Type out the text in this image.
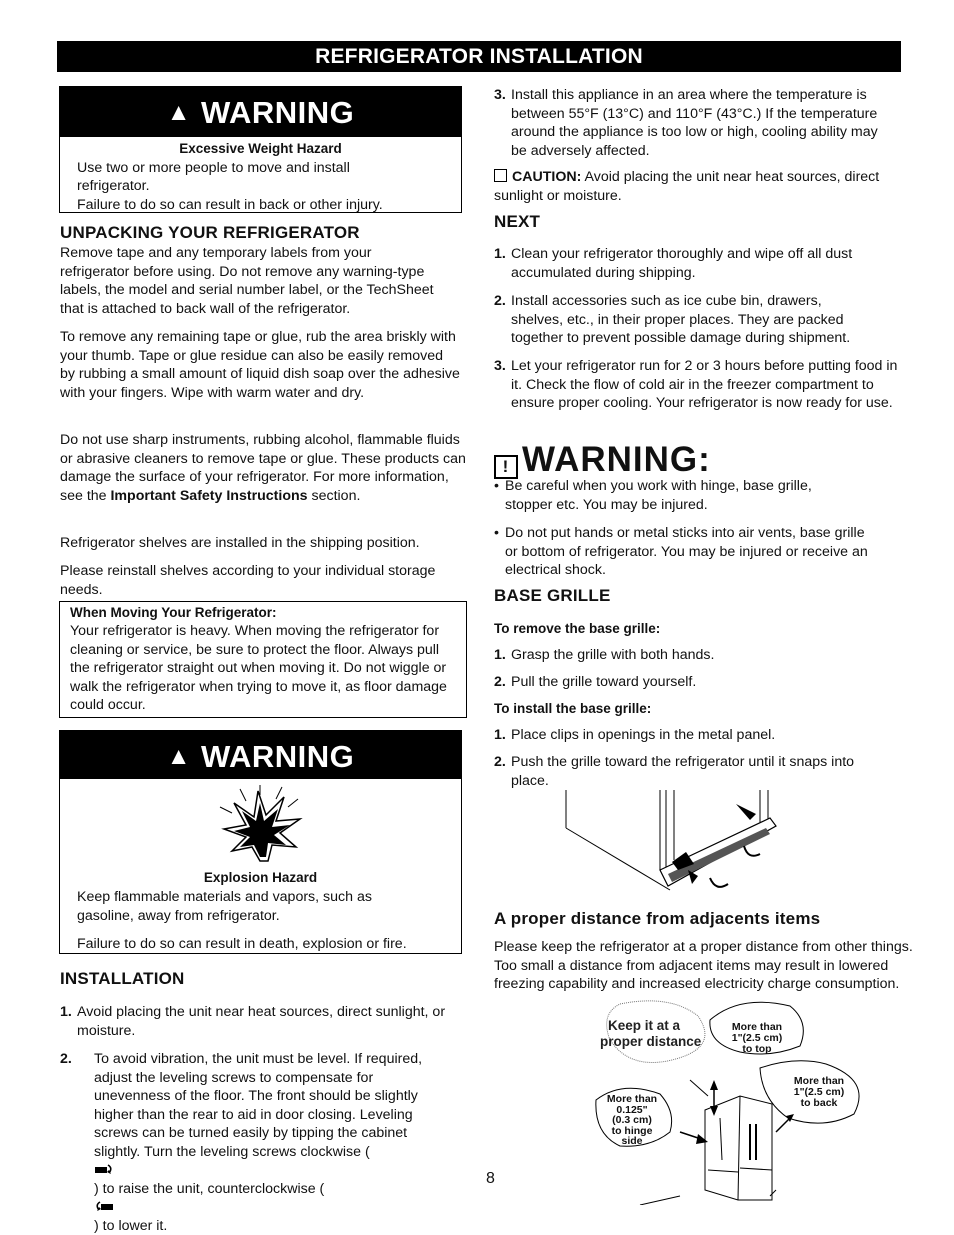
REFRIGERATOR INSTALLATION
▲ WARNING
Excessive Weight Hazard

Use two or more people to move and install refrigerator.

Failure to do so can result in back or other injury.

UNPACKING YOUR REFRIGERATOR

Remove tape and any temporary labels from your refrigerator before using. Do not remove any warning-type labels, the model and serial number label, or the TechSheet that is attached to back wall of the refrigerator.

To remove any remaining tape or glue, rub the area briskly with your thumb. Tape or glue residue can also be easily removed by rubbing a small amount of liquid dish soap over the adhesive with your fingers. Wipe with warm water and dry.

Do not use sharp instruments, rubbing alcohol, flammable fluids or abrasive cleaners to remove tape or glue. These products can damage the surface of your refrigerator. For more information, see the Important Safety Instructions section.

Refrigerator shelves are installed in the shipping position.

Please reinstall shelves according to your individual storage needs.

When Moving Your Refrigerator:

Your refrigerator is heavy. When moving the refrigerator for cleaning or service, be sure to protect the floor. Always pull the refrigerator straight out when moving it. Do not wiggle or walk the refrigerator when trying to move it, as floor damage could occur.

▲ WARNING
Explosion Hazard

Keep flammable materials and vapors, such as gasoline, away from refrigerator.

Failure to do so can result in death, explosion or fire.

INSTALLATION
1. Avoid placing the unit near heat sources, direct sunlight, or moisture.
2.	To avoid vibration, the unit must be level. If required, adjust the leveling screws to compensate for unevenness of the floor. The front should be slightly higher than the rear to aid in door closing. Leveling screws can be turned easily by tipping the cabinet slightly. Turn the leveling screws clockwise (
) to raise the unit, counterclockwise (
) to lower it.
8
3. Install this appliance in an area where the temperature is between 55°F (13°C) and 110°F (43°C.) If the temperature around the appliance is too low or high, cooling ability may be adversely affected.

CAUTION: Avoid placing the unit near heat sources, direct sunlight or moisture.

NEXT
1. Clean your refrigerator thoroughly and wipe off all dust accumulated during shipping.
2. Install accessories such as ice cube bin, drawers, shelves, etc., in their proper places. They are packed together to prevent possible damage during shipment.
3. Let your refrigerator run for 2 or 3 hours before putting food in it. Check the flow of cold air in the freezer compartment to ensure proper cooling. Your refrigerator is now ready for use.
! WARNING:
• Be careful when you work with hinge, base grille, stopper etc. You may be injured.
• Do not put hands or metal sticks into air vents, base grille or bottom of refrigerator. You may be injured or receive an electrical shock.
BASE GRILLE
To remove the base grille:
1. Grasp the grille with both hands.
2. Pull the grille toward yourself.
To install the base grille:
1. Place clips in openings in the metal panel.
2. Push the grille toward the refrigerator until it snaps into place.
A proper distance from adjacents items

Please keep the refrigerator at a proper distance from other things. Too small a distance from adjacent items may result in lowered freezing capability and increased electricity charge consumption.

Keep it at a
proper distance
More than
1"(2.5 cm)
to top
More than
1"(2.5 cm)
to back
More than
0.125"
(0.3 cm)
to hinge
side
